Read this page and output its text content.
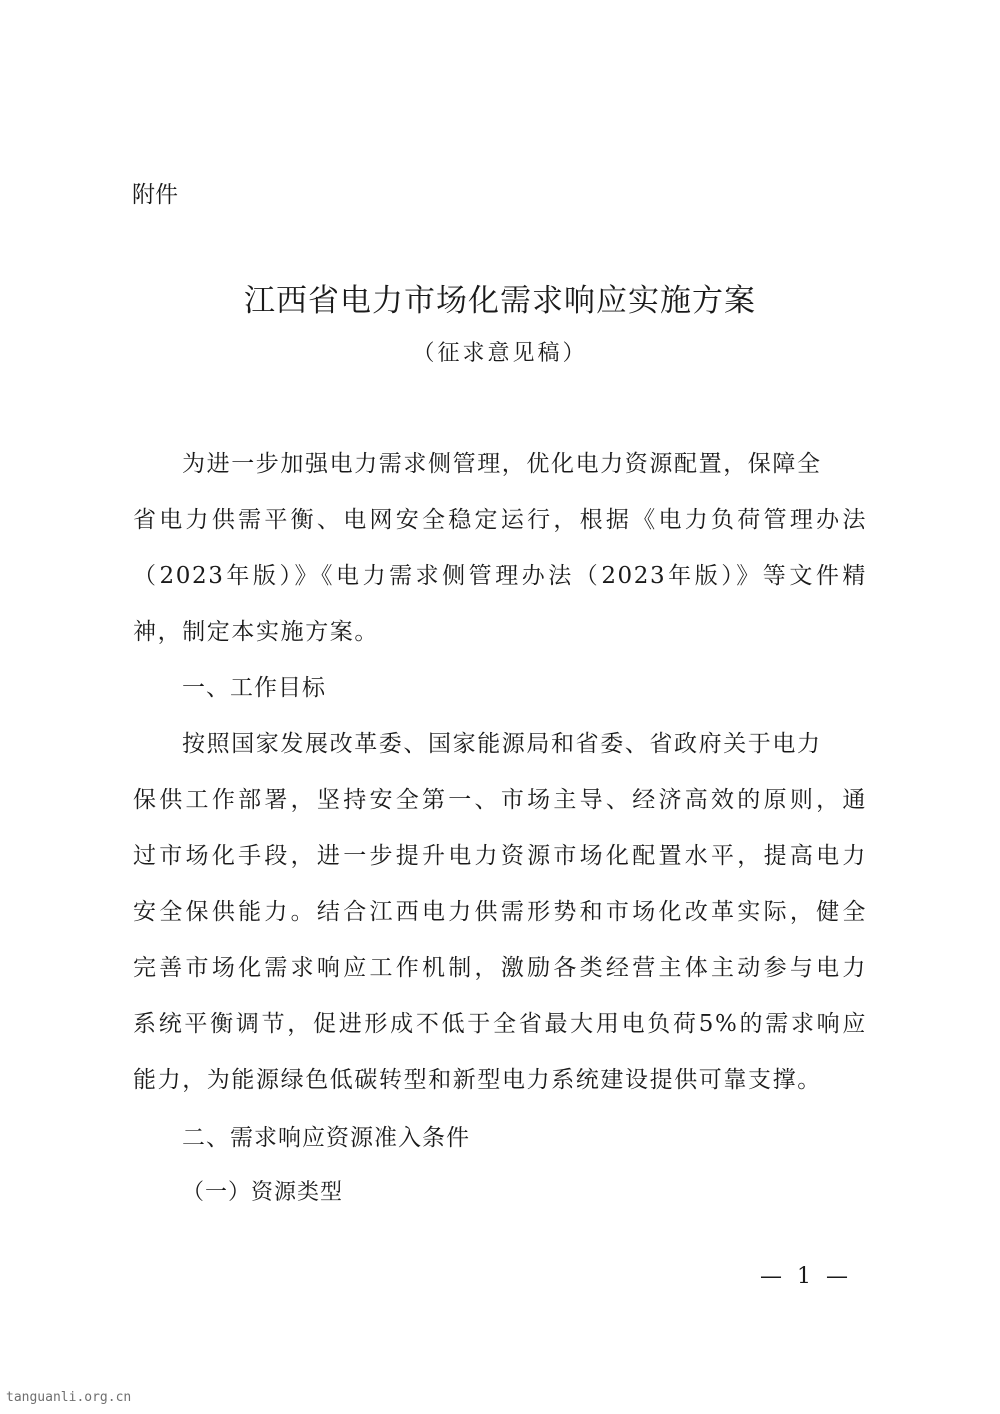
附件
江西省电力市场化需求响应实施方案
（征求意见稿）
为进一步加强电力需求侧管理，优化电力资源配置，保障全
省电力供需平衡、电网安全稳定运行，根据《电力负荷管理办法
（2023年版）》《电力需求侧管理办法（2023年版）》等文件精
神，制定本实施方案。
一、工作目标
按照国家发展改革委、国家能源局和省委、省政府关于电力
保供工作部署，坚持安全第一、市场主导、经济高效的原则，通
过市场化手段，进一步提升电力资源市场化配置水平，提高电力
安全保供能力。结合江西电力供需形势和市场化改革实际，健全
完善市场化需求响应工作机制，激励各类经营主体主动参与电力
系统平衡调节，促进形成不低于全省最大用电负荷5%的需求响应
能力，为能源绿色低碳转型和新型电力系统建设提供可靠支撑。
二、需求响应资源准入条件
（一）资源类型
— 1 —
tanguanli.org.cn
